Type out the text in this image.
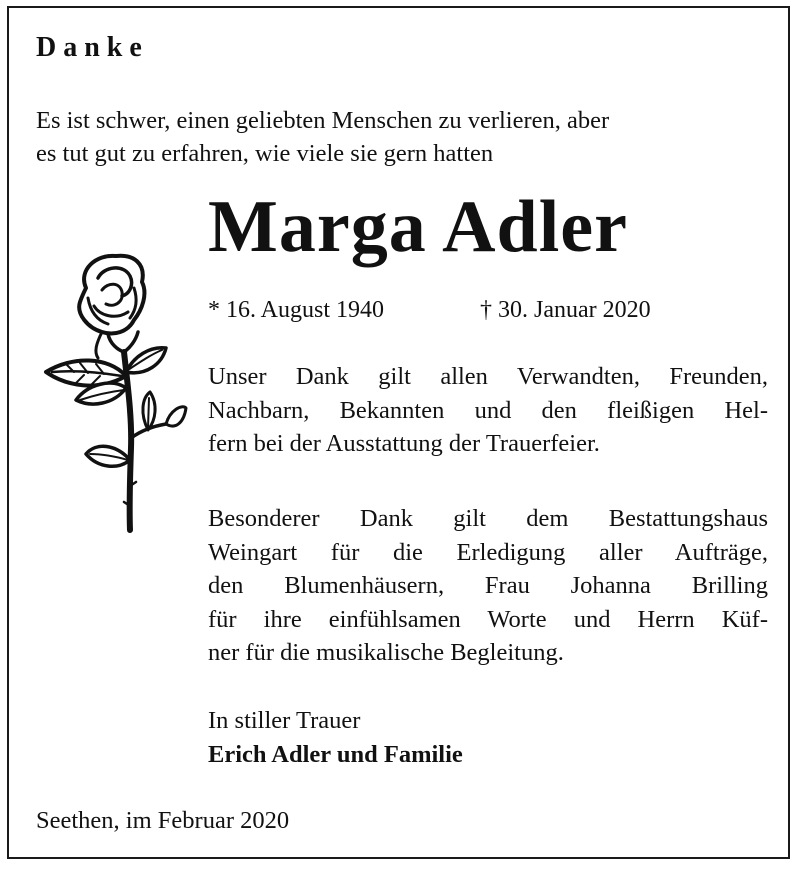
Danke

Es ist schwer, einen geliebten Menschen zu verlieren, aber
es tut gut zu erfahren, wie viele sie gern hatten

Marga Adler
* 16. August 1940	† 30. Januar 2020

Unser Dank gilt allen Verwandten, Freunden,
Nachbarn, Bekannten und den fleißigen Hel-
fern bei der Ausstattung der Trauerfeier.

Besonderer Dank gilt dem Bestattungshaus
Weingart für die Erledigung aller Aufträge,
den Blumenhäusern, Frau Johanna Brilling
für ihre einfühlsamen Worte und Herrn Küf-
ner für die musikalische Begleitung.

In stiller Trauer
Erich Adler und Familie
Seethen, im Februar 2020
